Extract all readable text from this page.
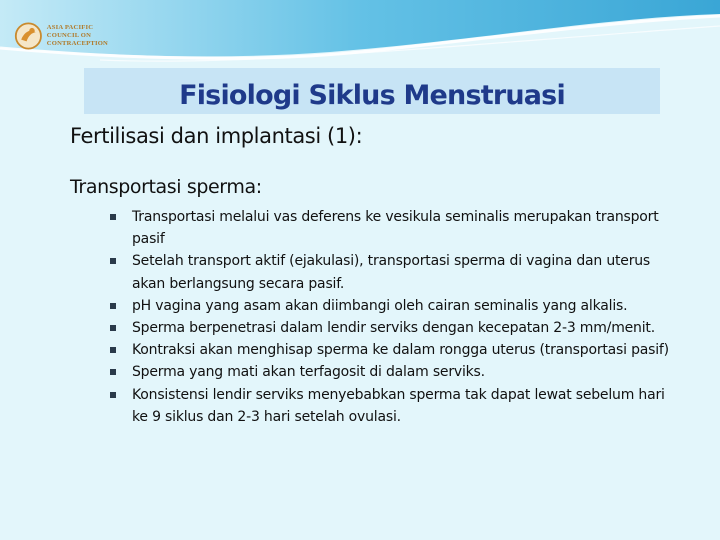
ASIA PACIFIC
COUNCIL ON
CONTRACEPTION
Fisiologi Siklus Menstruasi
Fertilisasi dan implantasi (1):
Transportasi sperma:
Transportasi melalui vas deferens ke vesikula seminalis merupakan transport pasif
Setelah transport aktif (ejakulasi), transportasi sperma di vagina dan uterus akan berlangsung secara pasif.
pH vagina yang asam akan diimbangi oleh cairan seminalis yang alkalis.
Sperma berpenetrasi dalam lendir serviks dengan kecepatan 2-3 mm/menit.
Kontraksi akan menghisap sperma ke dalam rongga uterus (transportasi pasif)
Sperma yang mati akan terfagosit di dalam serviks.
Konsistensi lendir serviks menyebabkan sperma tak dapat lewat sebelum hari ke 9 siklus dan 2-3 hari setelah ovulasi.
